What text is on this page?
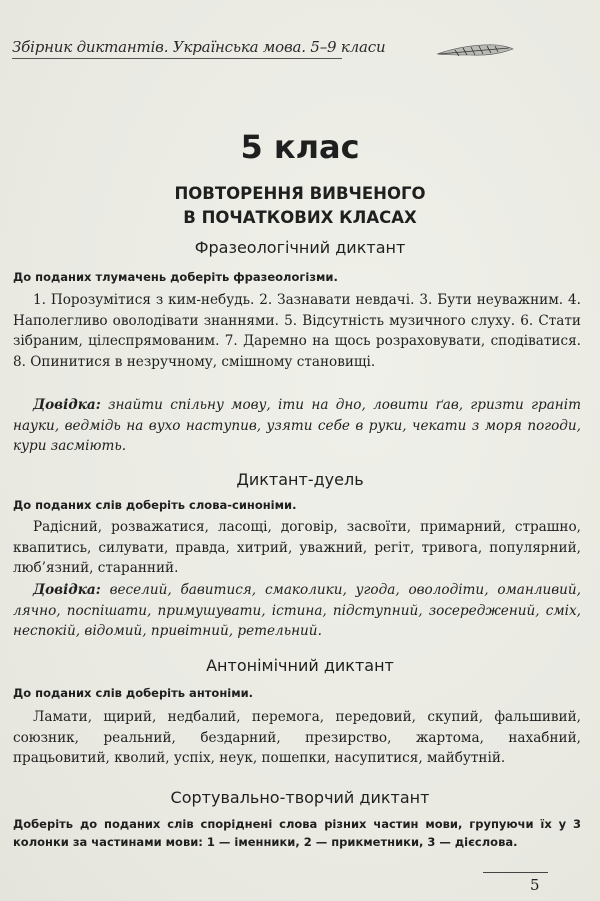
Збірник диктантів. Українська мова. 5–9 класи
5 клас
ПОВТОРЕННЯ ВИВЧЕНОГО
В ПОЧАТКОВИХ КЛАСАХ
Фразеологічний диктант
До поданих тлумачень доберіть фразеологізми.
1. Порозумітися з ким-небудь. 2. Зазнавати невдачі. 3. Бути неуважним. 4. Наполегливо оволодівати знаннями. 5. Відсутність музичного слуху. 6. Стати зібраним, цілеспрямованим. 7. Даремно на щось розраховувати, сподіватися. 8. Опинитися в незручному, смішному становищі.
Довідка: знайти спільну мову, іти на дно, ловити ґав, гризти граніт науки, ведмідь на вухо наступив, узяти себе в руки, чекати з моря погоди, кури засміють.
Диктант-дуель
До поданих слів доберіть слова-синоніми.
Радісний, розважатися, ласощі, договір, засвоїти, примарний, страшно, квапитись, силувати, правда, хитрий, уважний, регіт, тривога, популярний, люб’язний, старанний.
Довідка: веселий, бавитися, смаколики, угода, оволодіти, оманливий, лячно, поспішати, примушувати, істина, підступний, зосереджений, сміх, неспокій, відомий, привітний, ретельний.
Антонімічний диктант
До поданих слів доберіть антоніми.
Ламати, щирий, недбалий, перемога, передовий, скупий, фальшивий, союзник, реальний, бездарний, презирство, жартома, нахабний, працьовитий, кволий, успіх, неук, пошепки, насупитися, майбутній.
Сортувально-творчий диктант
Доберіть до поданих слів споріднені слова різних частин мови, групуючи їх у 3 колонки за частинами мови: 1 — іменники, 2 — прикметники, 3 — дієслова.
5
